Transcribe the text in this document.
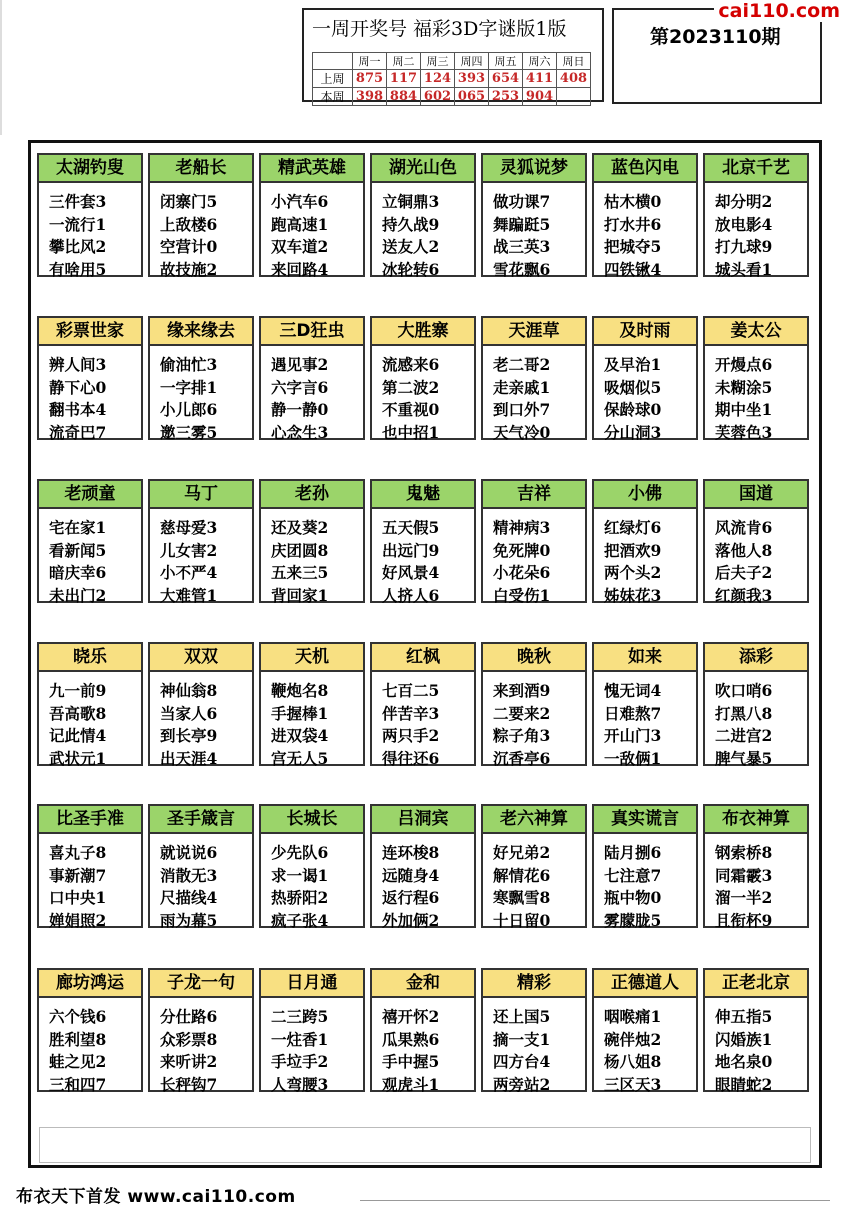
一周开奖号 福彩3D字谜版1版
	周一	周二	周三	周四	周五	周六	周日
上周	875	117	124	393	654	411	408
本周	398	884	602	065	253	904	
第2023110期
cai110.com
太湖钓叟
三件套3
一流行1
攀比风2
有啥用5
老船长
闭寨门5
上敌楼6
空营计0
故技施2
精武英雄
小汽车6
跑高速1
双车道2
来回路4
湖光山色
立铜鼎3
持久战9
送友人2
冰轮转6
灵狐说梦
做功课7
舞蹁跹5
战三英3
雪花飘6
蓝色闪电
枯木横0
打水井6
把城夺5
四铁锹4
北京千艺
却分明2
放电影4
打九球9
城头看1
彩票世家
辨人间3
静下心0
翻书本4
流奇巴7
缘来缘去
偷油忙3
一字排1
小儿郎6
邀三雾5
三D狂虫
遇见事2
六字言6
静一静0
心念生3
大胜寨
流感来6
第二波2
不重视0
也中招1
天涯草
老二哥2
走亲戚1
到口外7
天气冷0
及时雨
及早治1
吸烟似5
保龄球0
分山洞3
姜太公
开熳点6
未糊涂5
期中坐1
芙蓉色3
老顽童
宅在家1
看新闻5
暗庆幸6
未出门2
马丁
慈母爱3
儿女害2
小不严4
大难管1
老孙
还及葵2
庆团圆8
五来三5
背回家1
鬼魅
五天假5
出远门9
好风景4
人挤人6
吉祥
精神病3
免死牌0
小花朵6
白受伤1
小佛
红绿灯6
把酒欢9
两个头2
姊妹花3
国道
风流肯6
落他人8
后夫子2
红颜我3
晓乐
九一前9
吾高歌8
记此情4
武状元1
双双
神仙翁8
当家人6
到长亭9
出天涯4
天机
鞭炮名8
手握棒1
进双袋4
宫无人5
红枫
七百二5
伴苦辛3
两只手2
得往还6
晚秋
来到酒9
二要来2
粽子角3
沉香亭6
如来
愧无词4
日难熬7
开山门3
一敌俩1
添彩
吹口哨6
打黑八8
二进宫2
脾气暴5
比圣手准
喜丸子8
事新潮7
口中央1
婵娟照2
圣手箴言
就说说6
消散无3
尺描线4
雨为幕5
长城长
少先队6
求一谒1
热骄阳2
疯子张4
吕洞宾
连环梭8
远随身4
返行程6
外加俩2
老六神算
好兄弟2
解情花6
寒飘雪8
十日留0
真实谎言
陆月捌6
七注意7
瓶中物0
雾朦胧5
布衣神算
钢索桥8
同霜霰3
溜一半2
且衔杯9
廊坊鸿运
六个钱6
胜利望8
蛙之见2
三和四7
子龙一句
分仕路6
众彩票8
来听讲2
长秤钩7
日月通
二三跨5
一炷香1
手垃手2
人弯腰3
金和
禧开怀2
瓜果熟6
手中握5
观虎斗1
精彩
还上国5
摘一支1
四方台4
两旁站2
正德道人
咽喉痛1
碗伴烛2
杨八姐8
三区天3
正老北京
伸五指5
闪婚族1
地名泉0
眼睛蛇2
布衣天下首发 www.cai110.com
